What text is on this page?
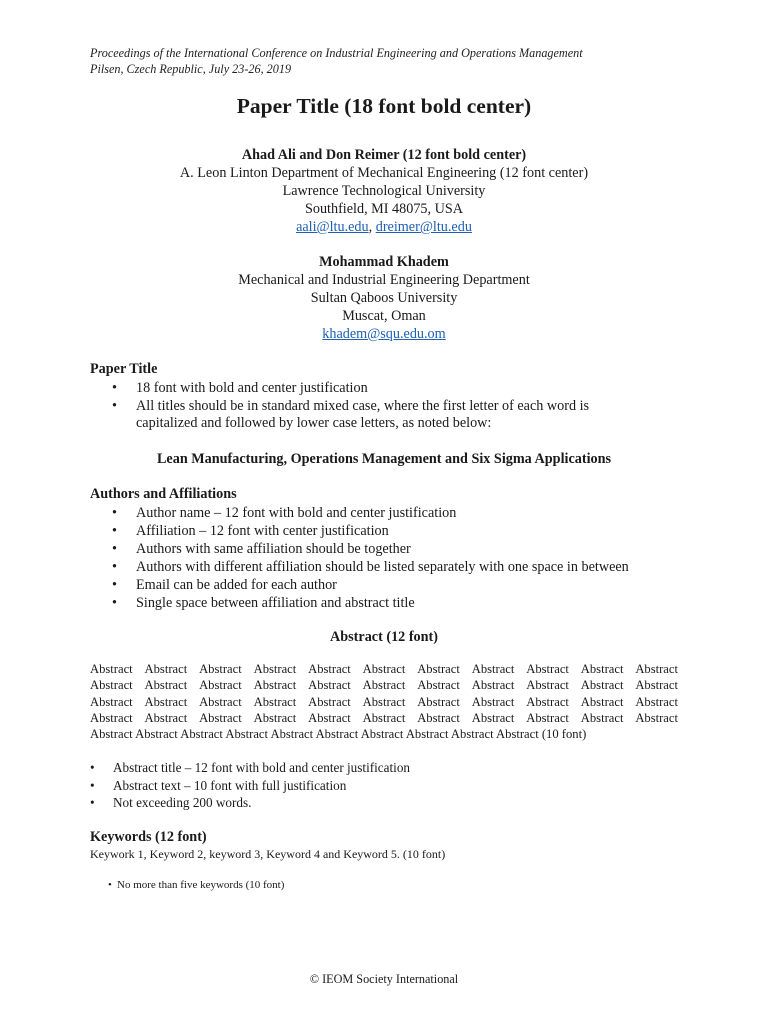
Proceedings of the International Conference on Industrial Engineering and Operations Management
Pilsen, Czech Republic, July 23-26, 2019
Paper Title (18 font bold center)
Ahad Ali and Don Reimer (12 font bold center)
A. Leon Linton Department of Mechanical Engineering (12 font center)
Lawrence Technological University
Southfield, MI 48075, USA
aali@ltu.edu, dreimer@ltu.edu
Mohammad Khadem
Mechanical and Industrial Engineering Department
Sultan Qaboos University
Muscat, Oman
khadem@squ.edu.om
Paper Title
• 18 font with bold and center justification
• All titles should be in standard mixed case, where the first letter of each word is
capitalized and followed by lower case letters, as noted below:
Lean Manufacturing, Operations Management and Six Sigma Applications
Authors and Affiliations
• Author name – 12 font with bold and center justification
• Affiliation – 12 font with center justification
• Authors with same affiliation should be together
• Authors with different affiliation should be listed separately with one space in between
• Email can be added for each author
• Single space between affiliation and abstract title
Abstract (12 font)
Abstract Abstract Abstract Abstract Abstract Abstract Abstract Abstract Abstract Abstract Abstract
Abstract Abstract Abstract Abstract Abstract Abstract Abstract Abstract Abstract Abstract Abstract
Abstract Abstract Abstract Abstract Abstract Abstract Abstract Abstract Abstract Abstract Abstract
Abstract Abstract Abstract Abstract Abstract Abstract Abstract Abstract Abstract Abstract Abstract
Abstract Abstract Abstract Abstract Abstract Abstract Abstract Abstract Abstract Abstract (10 font)
• Abstract title – 12 font with bold and center justification
• Abstract text – 10 font with full justification
• Not exceeding 200 words.
Keywords (12 font)
Keywork 1, Keyword 2, keyword 3, Keyword 4 and Keyword 5. (10 font)
• No more than five keywords (10 font)
© IEOM Society International
